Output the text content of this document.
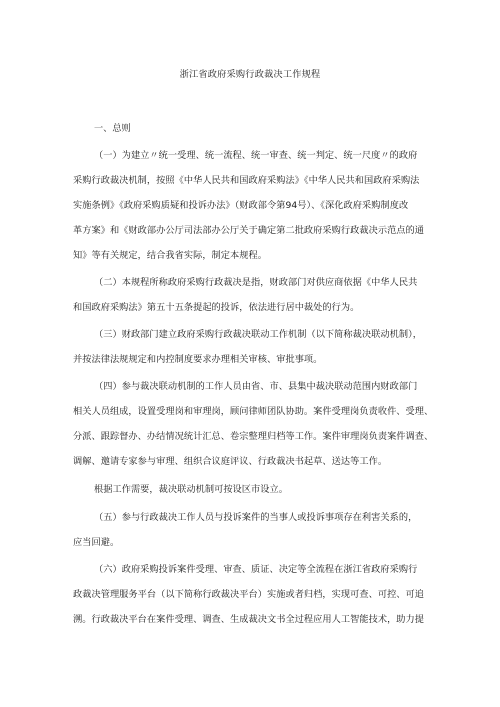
浙江省政府采购行政裁决工作规程
一、总则
（一）为建立〃统一受理、统一流程、统一审查、统一判定、统一尺度〃的政府
采购行政裁决机制，按照《中华人民共和国政府采购法》《中华人民共和国政府采购法
实施条例》《政府采购质疑和投诉办法》（财政部令第94号）、《深化政府采购制度改
革方案》和《财政部办公厅司法部办公厅关于确定第二批政府采购行政裁决示范点的通
知》等有关规定，结合我省实际，制定本规程。
（二）本规程所称政府采购行政裁决是指，财政部门对供应商依据《中华人民共
和国政府采购法》第五十五条提起的投诉，依法进行居中裁处的行为。
（三）财政部门建立政府采购行政裁决联动工作机制（以下简称裁决联动机制），
并按法律法规规定和内控制度要求办理相关审核、审批事项。
（四）参与裁决联动机制的工作人员由省、市、县集中裁决联动范围内财政部门
相关人员组成，设置受理岗和审理岗，顾问律师团队协助。案件受理岗负责收件、受理、
分派、跟踪督办、办结情况统计汇总、卷宗整理归档等工作。案件审理岗负责案件调查、
调解、邀请专家参与审理、组织合议庭评议、行政裁决书起草、送达等工作。
根据工作需要，裁决联动机制可按设区市设立。
（五）参与行政裁决工作人员与投诉案件的当事人或投诉事项存在利害关系的，
应当回避。
（六）政府采购投诉案件受理、审查、质证、决定等全流程在浙江省政府采购行
政裁决管理服务平台（以下简称行政裁决平台）实施或者归档，实现可查、可控、可追
溯。行政裁决平台在案件受理、调查、生成裁决文书全过程应用人工智能技术，助力提
